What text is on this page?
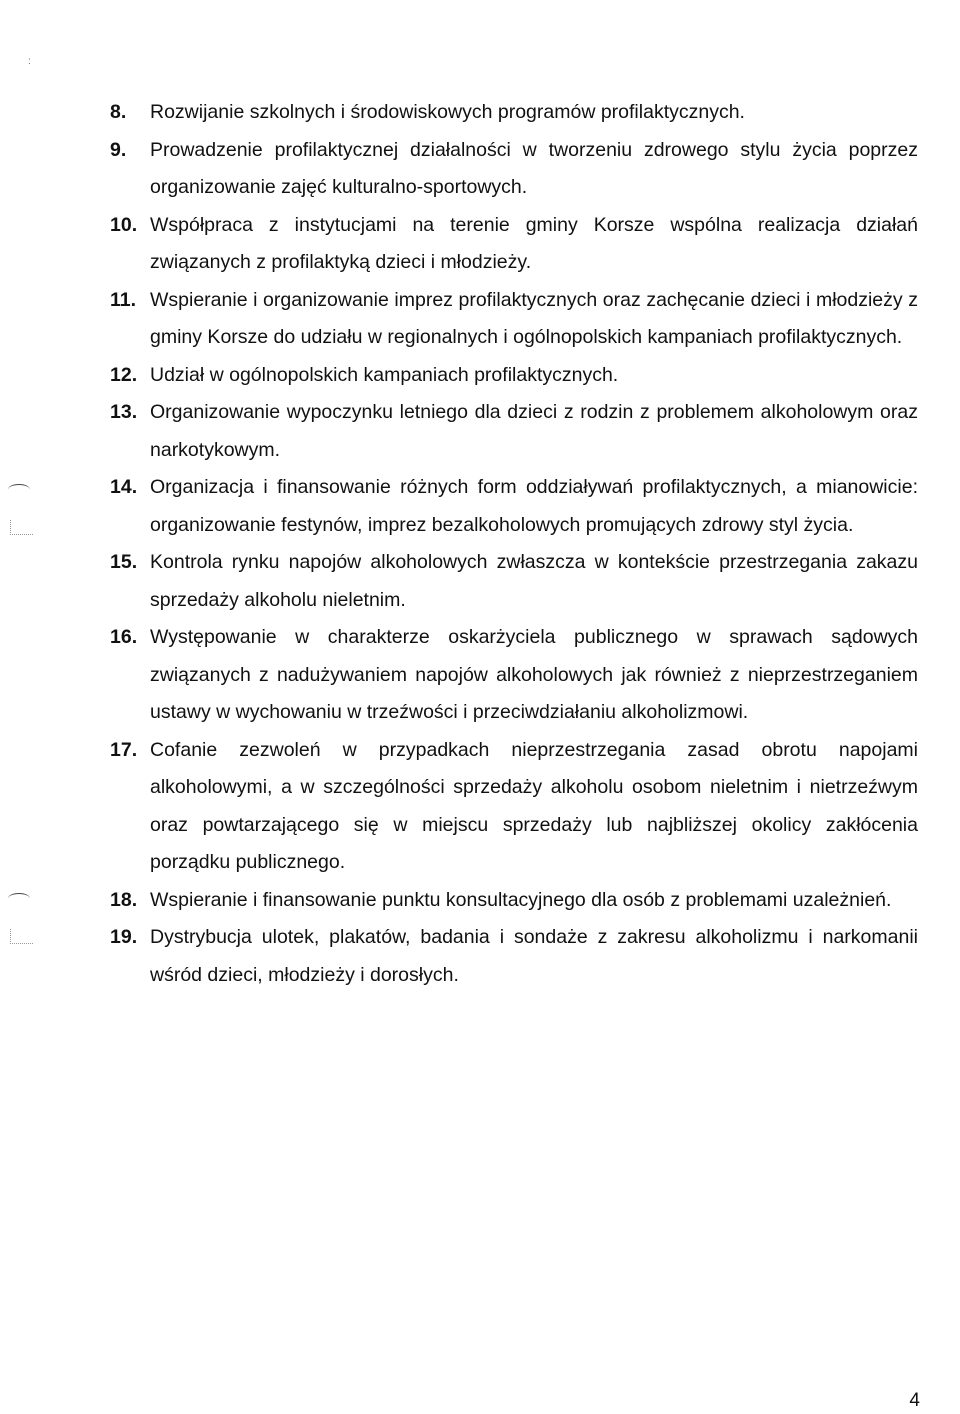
:
8.	Rozwijanie szkolnych i środowiskowych programów profilaktycznych.
9.	Prowadzenie profilaktycznej działalności w tworzeniu zdrowego stylu życia poprzez organizowanie zajęć kulturalno-sportowych.
10. Współpraca z instytucjami na terenie gminy Korsze wspólna realizacja działań związanych z profilaktyką dzieci i młodzieży.
11. Wspieranie i organizowanie imprez profilaktycznych oraz zachęcanie dzieci i młodzieży z gminy Korsze do udziału w regionalnych i ogólnopolskich kampaniach profilaktycznych.
12. Udział w ogólnopolskich kampaniach profilaktycznych.
13. Organizowanie wypoczynku letniego dla dzieci z rodzin z problemem alkoholowym oraz narkotykowym.
14. Organizacja i finansowanie różnych form oddziaływań profilaktycznych, a mianowicie: organizowanie festynów, imprez bezalkoholowych promujących zdrowy styl życia.
15. Kontrola rynku napojów alkoholowych zwłaszcza w kontekście przestrzegania zakazu sprzedaży alkoholu nieletnim.
16. Występowanie w charakterze oskarżyciela publicznego w sprawach sądowych związanych z nadużywaniem napojów alkoholowych jak również z nieprzestrzeganiem ustawy w wychowaniu w trzeźwości i przeciwdziałaniu alkoholizmowi.
17. Cofanie zezwoleń w przypadkach nieprzestrzegania zasad obrotu napojami alkoholowymi, a w szczególności sprzedaży alkoholu osobom nieletnim i nietrzeźwym oraz powtarzającego się w miejscu sprzedaży lub najbliższej okolicy zakłócenia porządku publicznego.
18. Wspieranie i finansowanie punktu konsultacyjnego dla osób z problemami uzależnień.
19. Dystrybucja ulotek, plakatów, badania i sondaże z zakresu alkoholizmu i narkomanii wśród dzieci, młodzieży i dorosłych.
4
